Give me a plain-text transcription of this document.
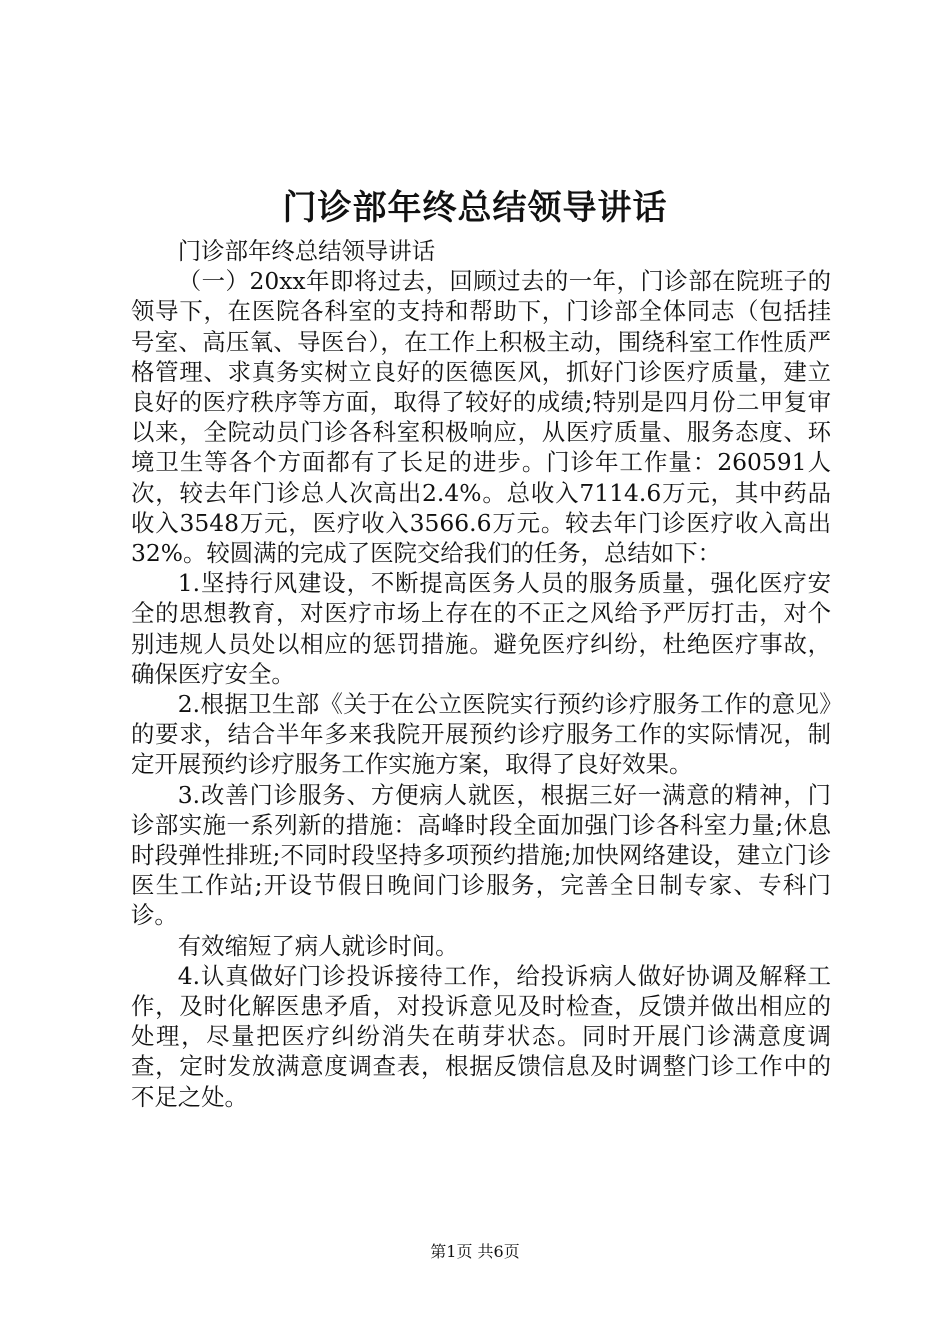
门诊部年终总结领导讲话

门诊部年终总结领导讲话

（一）20xx年即将过去，回顾过去的一年，门诊部在院班子的领导下，在医院各科室的支持和帮助下，门诊部全体同志（包括挂号室、高压氧、导医台），在工作上积极主动，围绕科室工作性质严格管理、求真务实树立良好的医德医风，抓好门诊医疗质量，建立良好的医疗秩序等方面，取得了较好的成绩;特别是四月份二甲复审以来，全院动员门诊各科室积极响应，从医疗质量、服务态度、环境卫生等各个方面都有了长足的进步。门诊年工作量：260591人次，较去年门诊总人次高出2.4%。总收入7114.6万元，其中药品收入3548万元，医疗收入3566.6万元。较去年门诊医疗收入高出32%。较圆满的完成了医院交给我们的任务，总结如下：

1.坚持行风建设，不断提高医务人员的服务质量，强化医疗安全的思想教育，对医疗市场上存在的不正之风给予严厉打击，对个别违规人员处以相应的惩罚措施。避免医疗纠纷，杜绝医疗事故，确保医疗安全。

2.根据卫生部《关于在公立医院实行预约诊疗服务工作的意见》的要求，结合半年多来我院开展预约诊疗服务工作的实际情况，制定开展预约诊疗服务工作实施方案，取得了良好效果。

3.改善门诊服务、方便病人就医，根据三好一满意的精神，门诊部实施一系列新的措施：高峰时段全面加强门诊各科室力量;休息时段弹性排班;不同时段坚持多项预约措施;加快网络建设，建立门诊医生工作站;开设节假日晚间门诊服务，完善全日制专家、专科门诊。

有效缩短了病人就诊时间。

4.认真做好门诊投诉接待工作，给投诉病人做好协调及解释工作，及时化解医患矛盾，对投诉意见及时检查，反馈并做出相应的处理，尽量把医疗纠纷消失在萌芽状态。同时开展门诊满意度调查，定时发放满意度调查表，根据反馈信息及时调整门诊工作中的不足之处。

第1页 共6页
